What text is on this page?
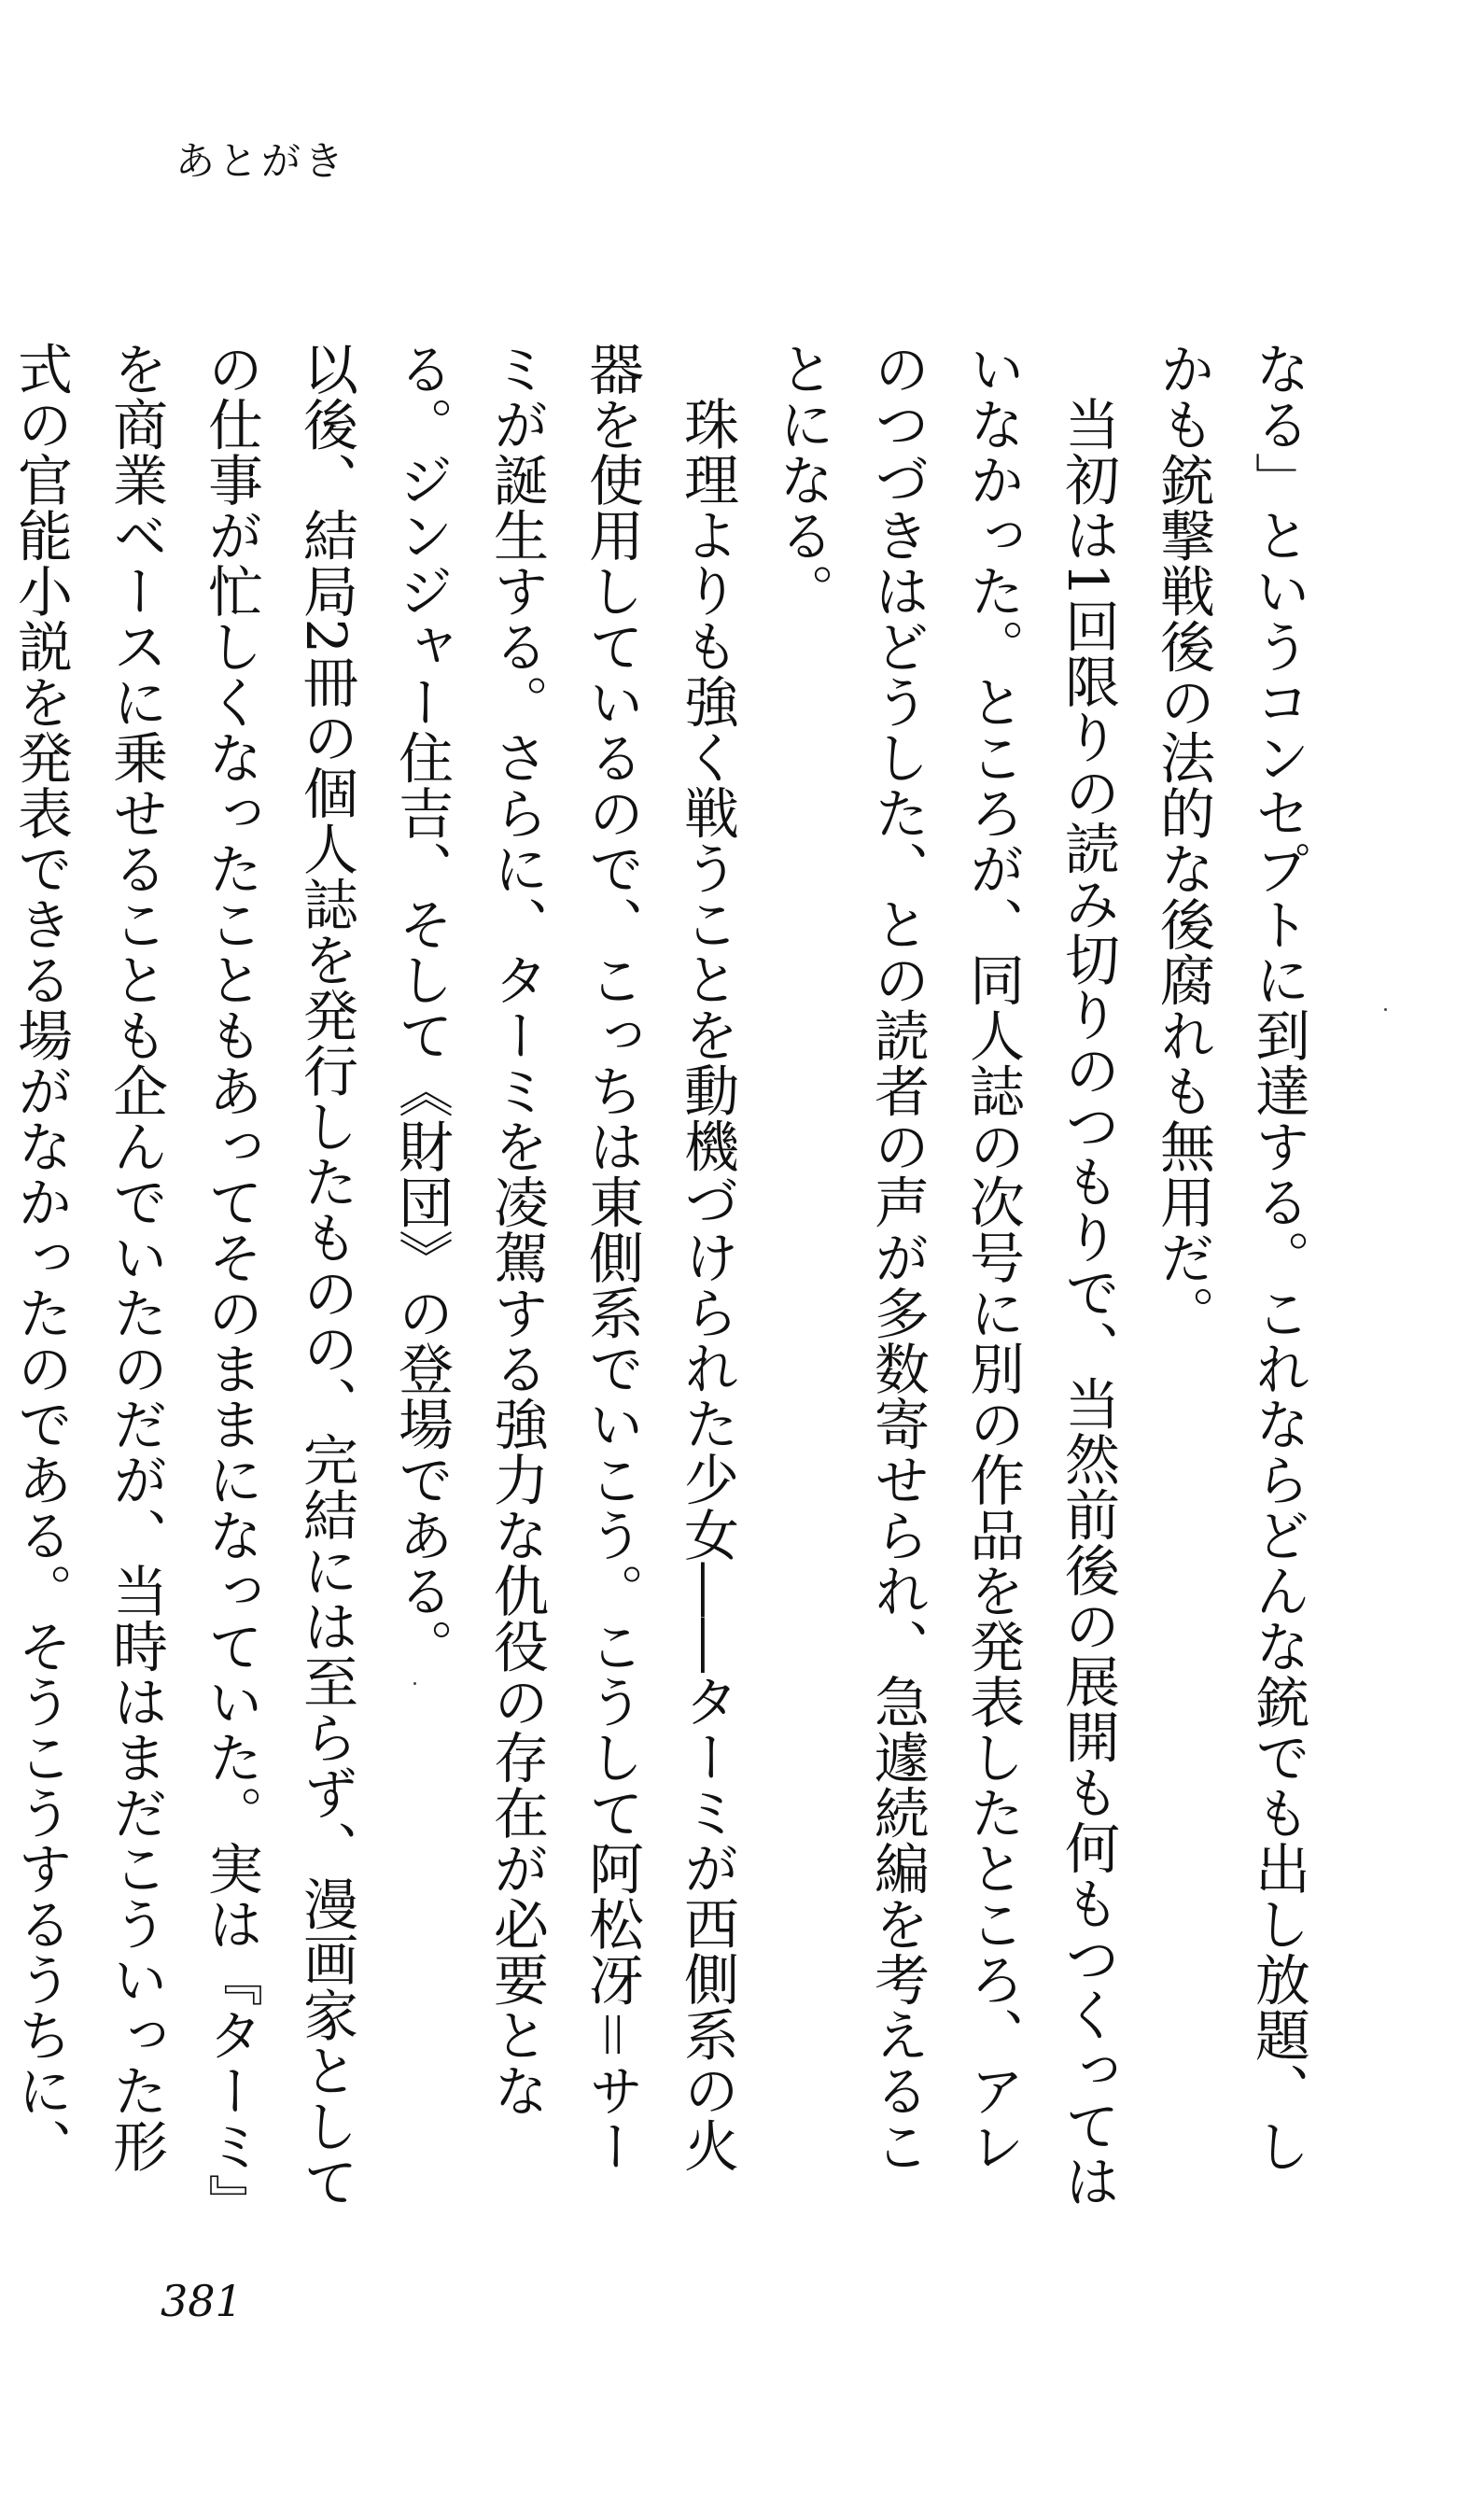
あとがき

なる」というコンセプトに到達する。これならどんな銃でも出し放題、しかも銃撃戦後の法的な後腐れも無用だ。

当初は1回限りの読み切りのつもりで、当然前後の展開も何もつくってはいなかった。ところが、同人誌の次号に別の作品を発表したところ、アレのつづきはどうした、との読者の声が多数寄せられ、急遽続編を考えることになる。

珠理よりも強く戦うことを動機づけられた少女――ターミが西側系の火器を使用しているので、こっちは東側系でいこう。こうして阿松冴＝サーミが誕生する。さらに、ターミを凌駕する強力な仇役の存在が必要となる。ジンジャー住吉、そして《財団》の登場である。

以後、結局2冊の個人誌を発行したものの、完結には至らず、漫画家としての仕事が忙しくなったこともあってそのままになっていた。実は『ターミ』を商業ベースに乗せることも企んでいたのだが、当時はまだこういった形式の官能小説を発表できる場がなかったのである。そうこうするうちに、

381
